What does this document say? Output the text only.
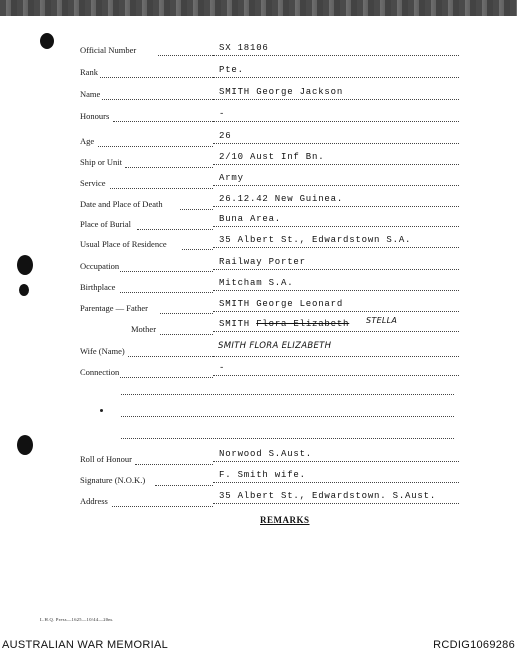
Official Number	SX 18106
Rank	Pte.
Name	SMITH George Jackson
Honours	-
Age	26
Ship or Unit	2/10 Aust Inf Bn.
Service	Army
Date and Place of Death	26.12.42 New Guinea.
Place of Burial	Buna Area.
Usual Place of Residence	35 Albert St., Edwardstown S.A.
Occupation	Railway Porter
Birthplace	Mitcham S.A.
Parentage — Father	SMITH George Leonard
Mother	SMITH Flora Elizabeth STELLA
Wife (Name)	SMITH FLORA ELIZABETH
Connection	-
Roll of Honour	Norwood S.Aust.
Signature (N.O.K.)	F. Smith wife.
Address	35 Albert St., Edwardstown. S.Aust.
REMARKS
L.H.Q. Press—1625—10/44—20m.
AUSTRALIAN WAR MEMORIAL	RCDIG1069286
